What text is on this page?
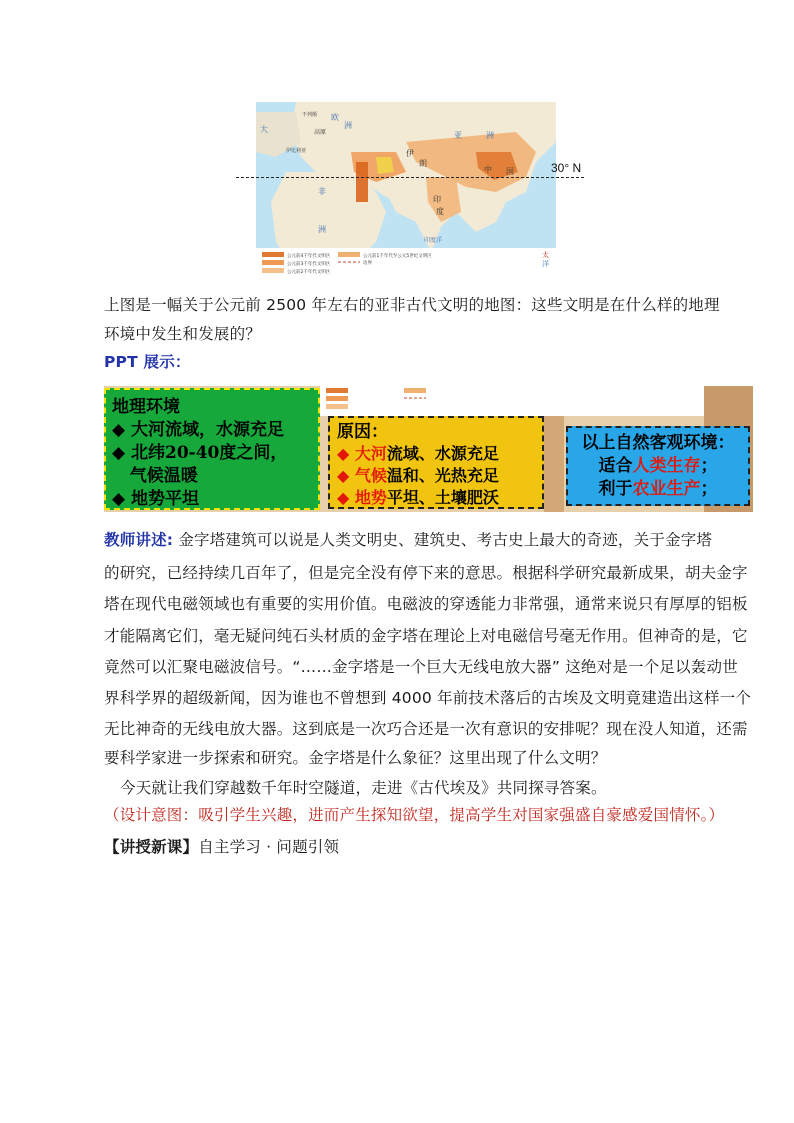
公元前4千年代文明区
公元前3千年代文明区
公元前2千年代文明区
公元前1千年代至公元5世纪文明区
边界
不列颠
高原
伊比利亚
欧
洲
亚	洲
非
洲
大
伊
朗
印
度
中 国
印度洋
太
洋
30° N
上图是一幅关于公元前 2500 年左右的亚非古代文明的地图：这些文明是在什么样的地理
环境中发生和发展的？
PPT 展示：
地理环境
◆ 大河流域，水源充足
◆ 北纬20-40度之间，
气候温暖
◆ 地势平坦
原因：
◆ 大河流域、水源充足
◆ 气候温和、光热充足
◆ 地势平坦、土壤肥沃
以上自然客观环境：
适合人类生存；
利于农业生产；
教师讲述: 金字塔建筑可以说是人类文明史、建筑史、考古史上最大的奇迹，关于金字塔
的研究，已经持续几百年了，但是完全没有停下来的意思。根据科学研究最新成果，胡夫金字
塔在现代电磁领域也有重要的实用价值。电磁波的穿透能力非常强，通常来说只有厚厚的铝板
才能隔离它们，毫无疑问纯石头材质的金字塔在理论上对电磁信号毫无作用。但神奇的是，它
竟然可以汇聚电磁波信号。“……金字塔是一个巨大无线电放大器” 这绝对是一个足以轰动世
界科学界的超级新闻，因为谁也不曾想到 4000 年前技术落后的古埃及文明竟建造出这样一个
无比神奇的无线电放大器。这到底是一次巧合还是一次有意识的安排呢？现在没人知道，还需
要科学家进一步探索和研究。金字塔是什么象征？这里出现了什么文明？
今天就让我们穿越数千年时空隧道，走进《古代埃及》共同探寻答案。
（设计意图：吸引学生兴趣，进而产生探知欲望，提高学生对国家强盛自豪感爱国情怀。）
【讲授新课】自主学习 · 问题引领
